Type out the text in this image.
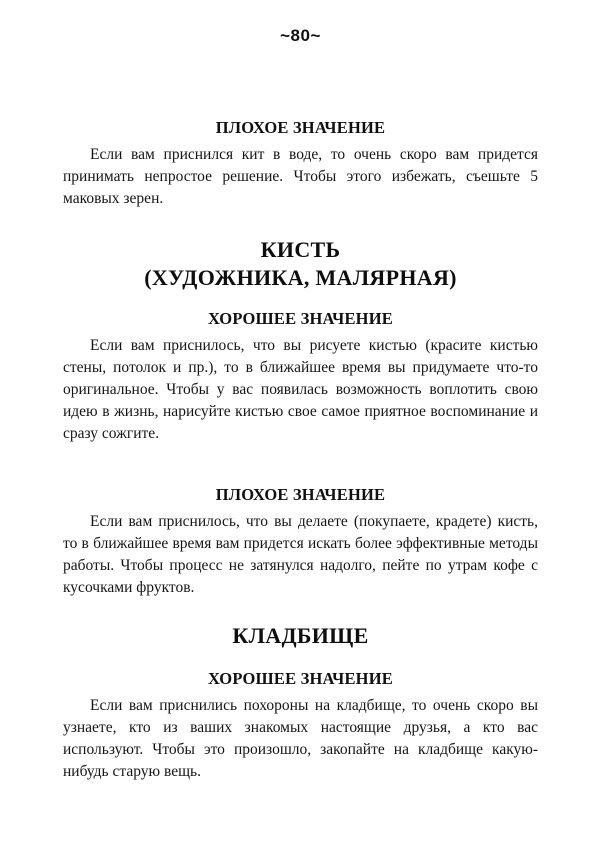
~80~
ПЛОХОЕ ЗНАЧЕНИЕ

Если вам приснился кит в воде, то очень скоро вам придется принимать непростое решение. Чтобы этого избежать, съешьте 5 маковых зерен.

КИСТЬ
(ХУДОЖНИКА, МАЛЯРНАЯ)
ХОРОШЕЕ ЗНАЧЕНИЕ

Если вам приснилось, что вы рисуете кистью (красите кистью стены, потолок и пр.), то в ближайшее время вы придумаете что-то оригинальное. Чтобы у вас появилась возможность воплотить свою идею в жизнь, нарисуйте кистью свое самое приятное воспоминание и сразу сожгите.

ПЛОХОЕ ЗНАЧЕНИЕ

Если вам приснилось, что вы делаете (покупаете, крадете) кисть, то в ближайшее время вам придется искать более эффективные методы работы. Чтобы процесс не затянулся надолго, пейте по утрам кофе с кусочками фруктов.

КЛАДБИЩЕ
ХОРОШЕЕ ЗНАЧЕНИЕ

Если вам приснились похороны на кладбище, то очень скоро вы узнаете, кто из ваших знакомых настоящие друзья, а кто вас используют. Чтобы это произошло, закопайте на кладбище какую-нибудь старую вещь.
